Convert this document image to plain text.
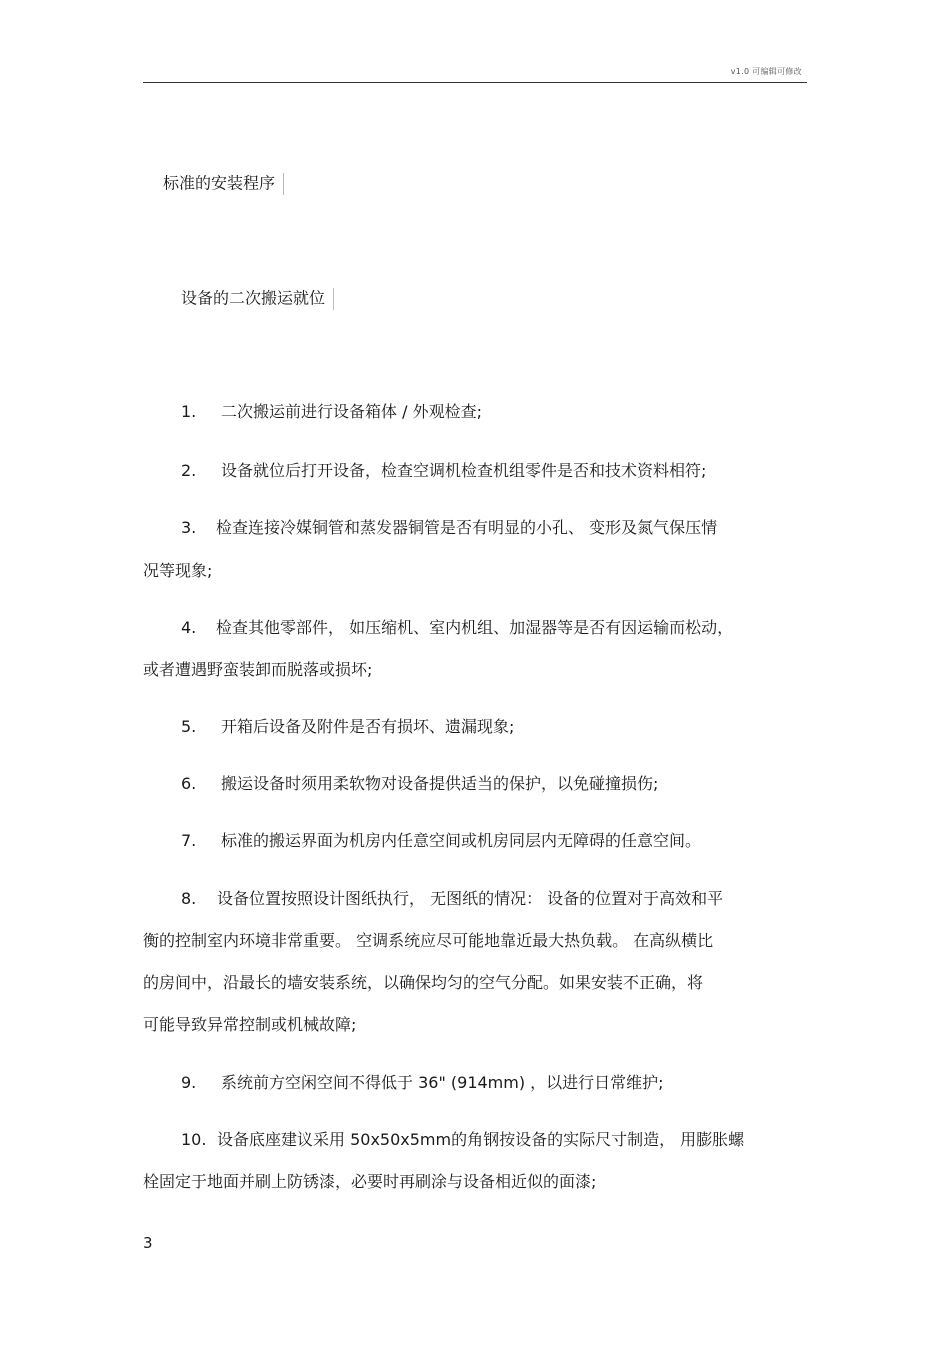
v1.0 可编辑可修改
标准的安装程序
设备的二次搬运就位
1. 二次搬运前进行设备箱体 / 外观检查;
2. 设备就位后打开设备，检查空调机检查机组零件是否和技术资料相符;
3. 检查连接冷媒铜管和蒸发器铜管是否有明显的小孔、 变形及氮气保压情
况等现象;
4. 检查其他零部件， 如压缩机、室内机组、加湿器等是否有因运输而松动，
或者遭遇野蛮装卸而脱落或损坏;
5. 开箱后设备及附件是否有损坏、遗漏现象;
6. 搬运设备时须用柔软物对设备提供适当的保护，以免碰撞损伤;
7. 标准的搬运界面为机房内任意空间或机房同层内无障碍的任意空间。
8. 设备位置按照设计图纸执行， 无图纸的情况： 设备的位置对于高效和平
衡的控制室内环境非常重要。 空调系统应尽可能地靠近最大热负载。 在高纵横比
的房间中，沿最长的墙安装系统，以确保均匀的空气分配。如果安装不正确，将
可能导致异常控制或机械故障;
9. 系统前方空闲空间不得低于 36" (914mm) ，以进行日常维护;
10. 设备底座建议采用 50x50x5mm的角钢按设备的实际尺寸制造， 用膨胀螺
栓固定于地面并刷上防锈漆，必要时再刷涂与设备相近似的面漆;
3
